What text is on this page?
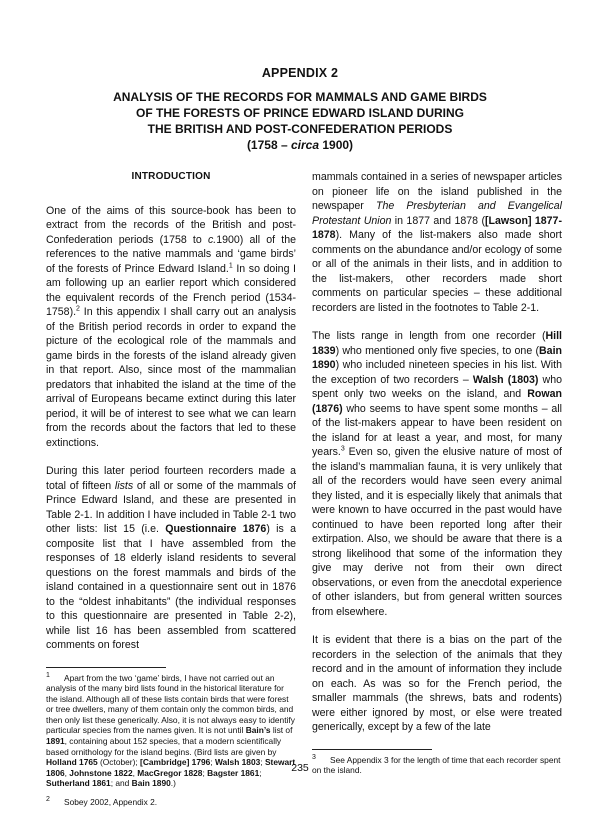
APPENDIX 2
ANALYSIS OF THE RECORDS FOR MAMMALS AND GAME BIRDS
OF THE FORESTS OF PRINCE EDWARD ISLAND DURING
THE BRITISH AND POST-CONFEDERATION PERIODS
(1758 – circa 1900)
INTRODUCTION

One of the aims of this source-book has been to extract from the records of the British and post-Confederation periods (1758 to c.1900) all of the references to the native mammals and ‘game birds’ of the forests of Prince Edward Island.$^1$ In so doing I am following up an earlier report which considered the equivalent records of the French period (1534-1758).$^2$ In this appendix I shall carry out an analysis of the British period records in order to expand the picture of the ecological role of the mammals and game birds in the forests of the island already given in that report. Also, since most of the mammalian predators that inhabited the island at the time of the arrival of Europeans became extinct during this later period, it will be of interest to see what we can learn from the records about the factors that led to these extinctions.

During this later period fourteen recorders made a total of fifteen lists of all or some of the mammals of Prince Edward Island, and these are presented in Table 2-1. In addition I have included in Table 2-1 two other lists: list 15 (i.e. Questionnaire 1876) is a composite list that I have assembled from the responses of 18 elderly island residents to several questions on the forest mammals and birds of the island contained in a questionnaire sent out in 1876 to the “oldest inhabitants” (the individual responses to this questionnaire are presented in Table 2-2), while list 16 has been assembled from scattered comments on forest

$^1$ Apart from the two ‘game’ birds, I have not carried out an analysis of the many bird lists found in the historical literature for the island. Although all of these lists contain birds that were forest or tree dwellers, many of them contain only the common birds, and then only list these generically. Also, it is not always easy to identify particular species from the names given. It is not until Bain’s list of 1891, containing about 152 species, that a modern scientifically based ornithology for the island begins. (Bird lists are given by Holland 1765 (October); [Cambridge] 1796; Walsh 1803; Stewart 1806, Johnstone 1822, MacGregor 1828; Bagster 1861; Sutherland 1861; and Bain 1890.)
$^2$ Sobey 2002, Appendix 2.

mammals contained in a series of newspaper articles on pioneer life on the island published in the newspaper The Presbyterian and Evangelical Protestant Union in 1877 and 1878 ([Lawson] 1877-1878). Many of the list-makers also made short comments on the abundance and/or ecology of some or all of the animals in their lists, and in addition to the list-makers, other recorders made short comments on particular species – these additional recorders are listed in the footnotes to Table 2-1.

The lists range in length from one recorder (Hill 1839) who mentioned only five species, to one (Bain 1890) who included nineteen species in his list. With the exception of two recorders – Walsh (1803) who spent only two weeks on the island, and Rowan (1876) who seems to have spent some months – all of the list-makers appear to have been resident on the island for at least a year, and most, for many years.$^3$ Even so, given the elusive nature of most of the island’s mammalian fauna, it is very unlikely that all of the recorders would have seen every animal they listed, and it is especially likely that animals that were known to have occurred in the past would have continued to have been reported long after their extirpation. Also, we should be aware that there is a strong likelihood that some of the information they give may derive not from their own direct observations, or even from the anecdotal experience of other islanders, but from general written sources from elsewhere.

It is evident that there is a bias on the part of the recorders in the selection of the animals that they record and in the amount of information they include on each. As was so for the French period, the smaller mammals (the shrews, bats and rodents) were either ignored by most, or else were treated generically, except by a few of the late

$^3$ See Appendix 3 for the length of time that each recorder spent on the island.
235
